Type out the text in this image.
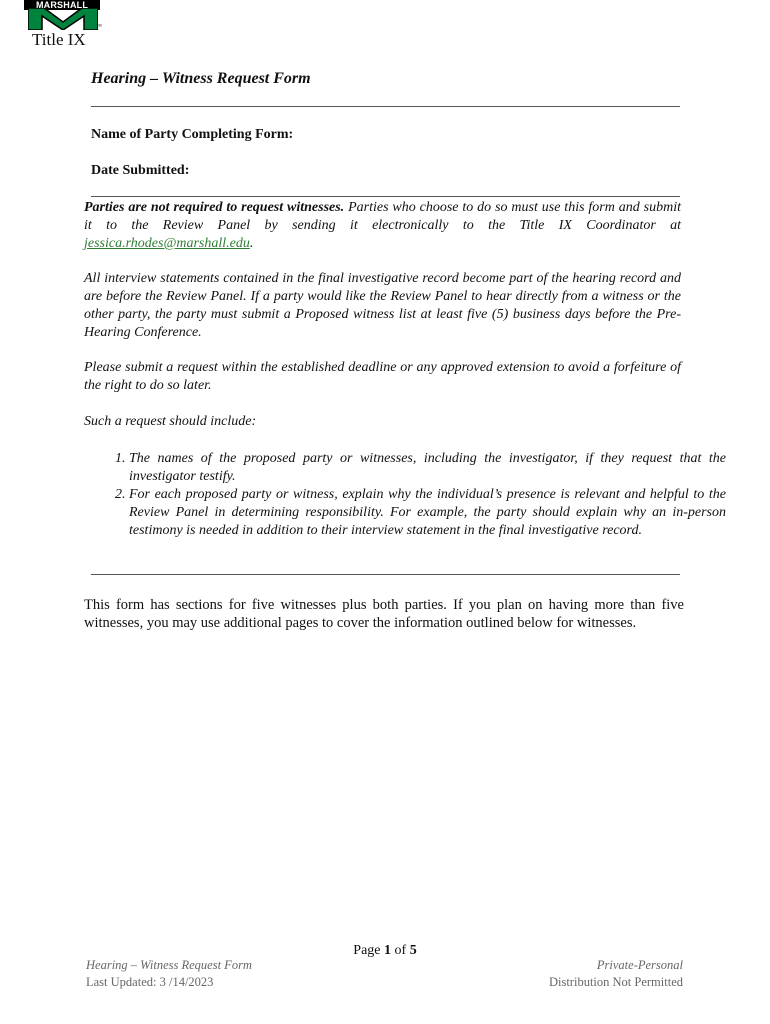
MARSHALL
™
Title IX
Hearing – Witness Request Form
Name of Party Completing Form:
Date Submitted:
Parties are not required to request witnesses. Parties who choose to do so must use this form and submit it to the Review Panel by sending it electronically to the Title IX Coordinator at jessica.rhodes@marshall.edu.
All interview statements contained in the final investigative record become part of the hearing record and are before the Review Panel. If a party would like the Review Panel to hear directly from a witness or the other party, the party must submit a Proposed witness list at least five (5) business days before the Pre-Hearing Conference.
Please submit a request within the established deadline or any approved extension to avoid a forfeiture of the right to do so later.
Such a request should include:
1. The names of the proposed party or witnesses, including the investigator, if they request that the investigator testify.
2. For each proposed party or witness, explain why the individual’s presence is relevant and helpful to the Review Panel in determining responsibility. For example, the party should explain why an in-person testimony is needed in addition to their interview statement in the final investigative record.
This form has sections for five witnesses plus both parties. If you plan on having more than five witnesses, you may use additional pages to cover the information outlined below for witnesses.
Page 1 of 5
Hearing – Witness Request Form
Last Updated: 3 /14/2023
Private-Personal
Distribution Not Permitted
